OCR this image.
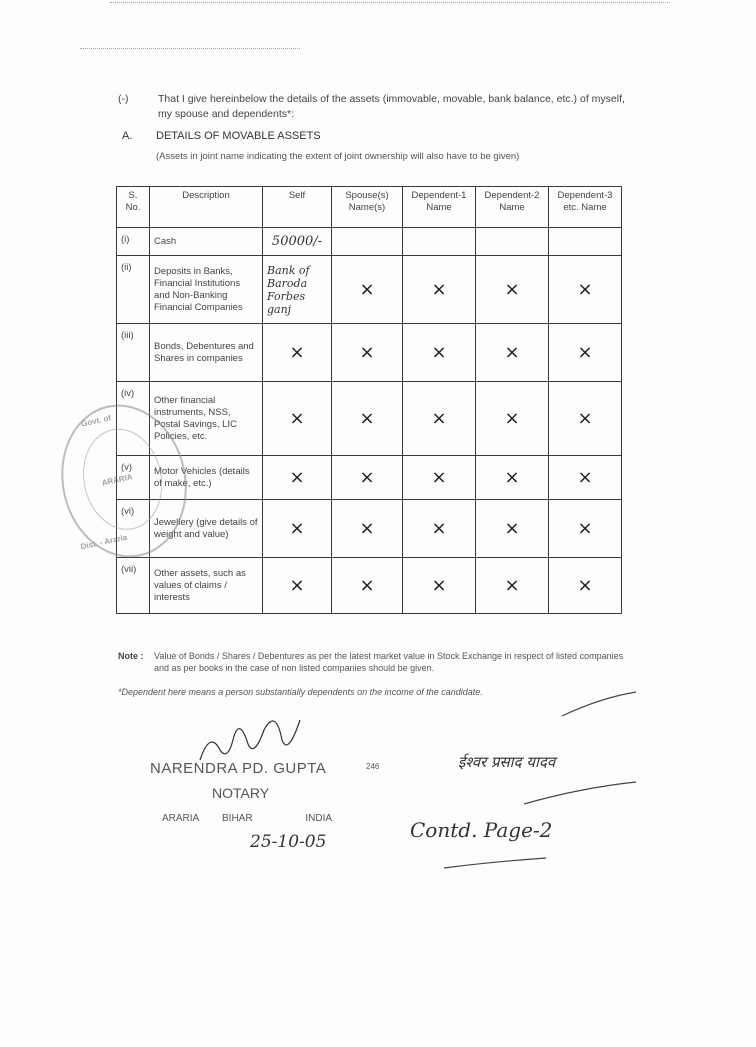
(-)	That I give hereinbelow the details of the assets (immovable, movable, bank balance, etc.) of myself, my spouse and dependents*:
A. DETAILS OF MOVABLE ASSETS
(Assets in joint name indicating the extent of joint ownership will also have to be given)
S. No.	Description	Self	Spouse(s) Name(s)	Dependent-1 Name	Dependent-2 Name	Dependent-3 etc. Name
(i)	Cash	50000/-				
(ii)	Deposits in Banks, Financial Institutions and Non-Banking Financial Companies	Bank of Baroda Forbes ganj	×	×	×	×
(iii)	Bonds, Debentures and Shares in companies	×	×	×	×	×
(iv)	Other financial instruments, NSS, Postal Savings, LIC Policies, etc.	×	×	×	×	×
(v)	Motor Vehicles (details of make, etc.)	×	×	×	×	×
(vi)	Jewellery (give details of weight and value)	×	×	×	×	×
(vii)	Other assets, such as values of claims / interests	×	×	×	×	×
Govt. of
ARARIA
Dist. - Araria
Note : Value of Bonds / Shares / Debentures as per the latest market value in Stock Exchange in respect of listed companies and as per books in the case of non listed companies should be given.
*Dependent here means a person substantially dependents on the income of the candidate.
NARENDRA PD. GUPTA	246
NOTARY
ARARIA BIHAR	INDIA
25-10-05
ईश्वर प्रसाद यादव
Contd. Page-2
